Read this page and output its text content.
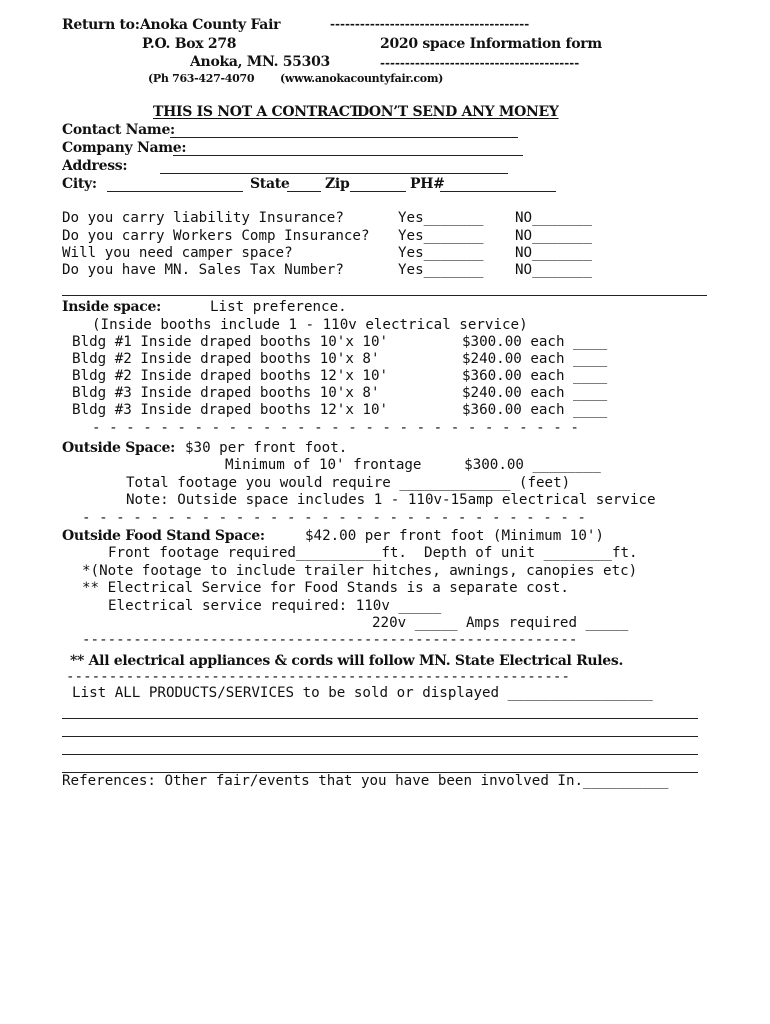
Return to: Anoka County Fair
P.O. Box 278
Anoka, MN. 55303
(Ph 763-427-4070 (www.anokacountyfair.com)
----------------------------------------
2020 space Information form
----------------------------------------
THIS IS NOT A CONTRACT.
DON’T SEND ANY MONEY
Contact Name:
Company Name:
Address:
City:	State	Zip	PH#
Do you carry liability Insurance?	Yes_______ NO_______
Do you carry Workers Comp Insurance? Yes_______ NO_______
Will you need camper space?	Yes_______ NO_______
Do you have MN. Sales Tax Number?	Yes_______ NO_______
Inside space:	List preference.
(Inside booths include 1 - 110v electrical service)
Bldg #1 Inside draped booths 10'x 10'	$300.00 each ____
Bldg #2 Inside draped booths 10'x 8'	$240.00 each ____
Bldg #2 Inside draped booths 12'x 10'	$360.00 each ____
Bldg #3 Inside draped booths 10'x 8'	$240.00 each ____
Bldg #3 Inside draped booths 12'x 10'	$360.00 each ____
- - - - - - - - - - - - - - - - - - - - - - - - - - - - -
Outside Space: $30 per front foot.
Minimum of 10' frontage     $300.00 ________
Total footage you would require _____________ (feet)
Note: Outside space includes 1 - 110v-15amp electrical service
- - - - - - - - - - - - - - - - - - - - - - - - - - - - - -
Outside Food Stand Space:	$42.00 per front foot (Minimum 10')
Front footage required__________ft.  Depth of unit ________ft.
*(Note footage to include trailer hitches, awnings, canopies etc)
** Electrical Service for Food Stands is a separate cost.
Electrical service required: 110v _____
220v _____ Amps required _____
----------------------------------------------------------
** All electrical appliances & cords will follow MN. State Electrical Rules.
-----------------------------------------------------------
List ALL PRODUCTS/SERVICES to be sold or displayed _________________
References: Other fair/events that you have been involved In.__________
